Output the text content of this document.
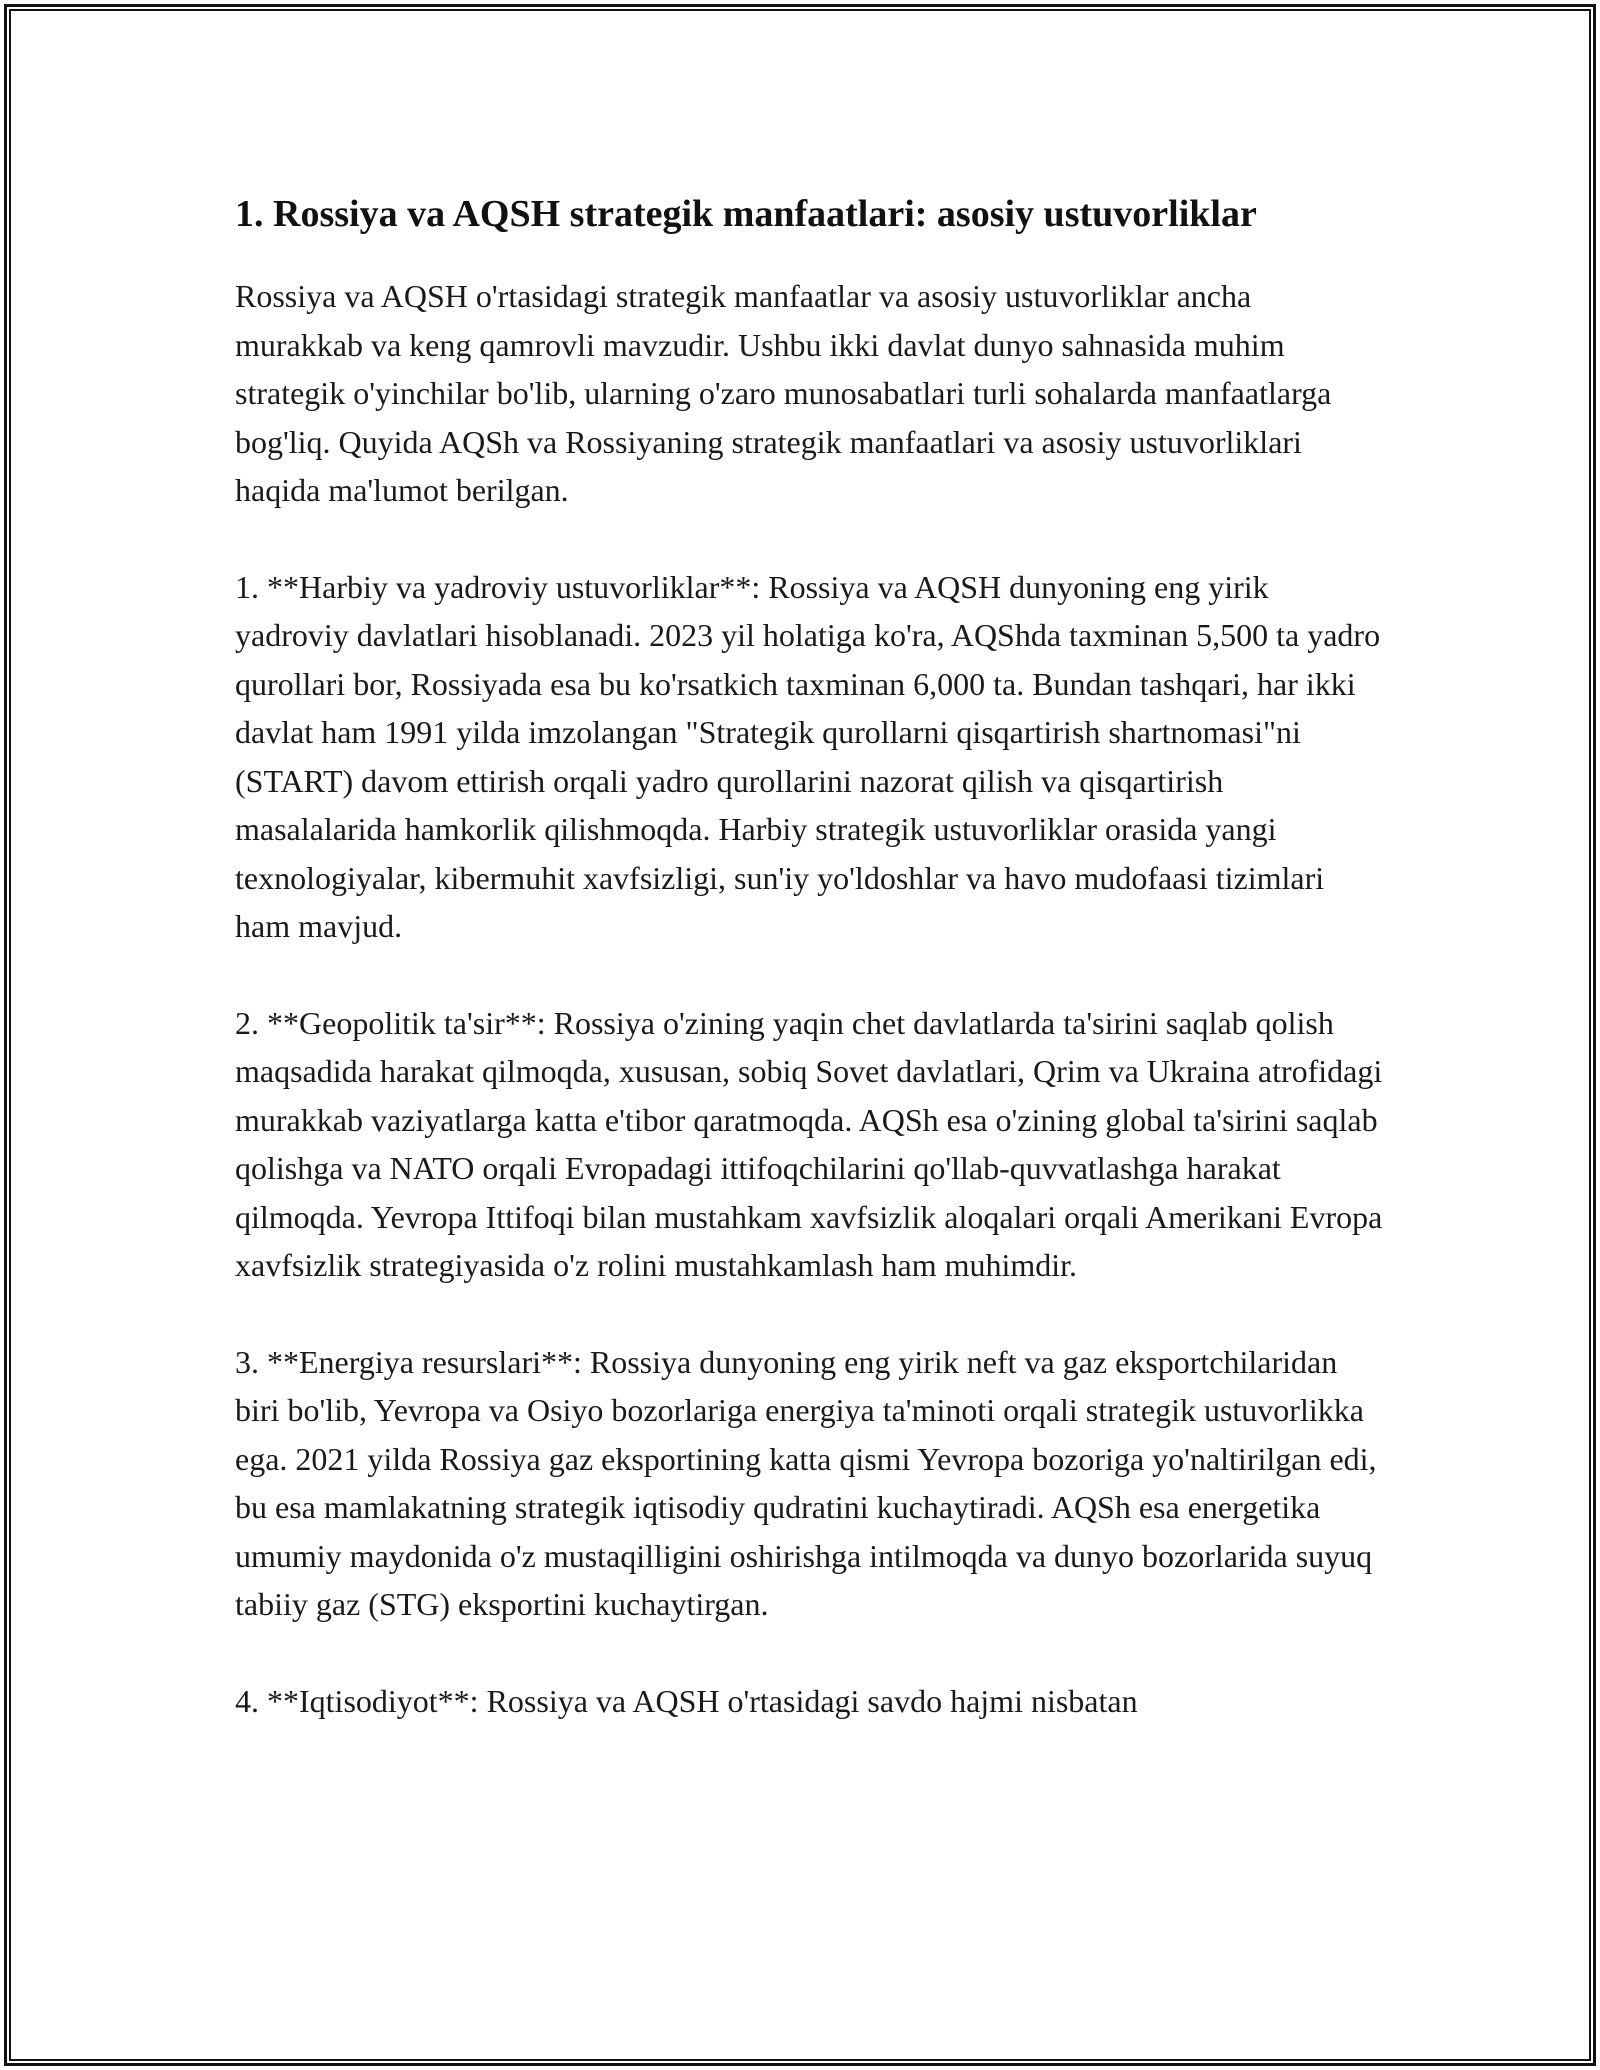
1. Rossiya va AQSH strategik manfaatlari: asosiy ustuvorliklar

Rossiya va AQSH o'rtasidagi strategik manfaatlar va asosiy ustuvorliklar ancha murakkab va keng qamrovli mavzudir. Ushbu ikki davlat dunyo sahnasida muhim strategik o'yinchilar bo'lib, ularning o'zaro munosabatlari turli sohalarda manfaatlarga bog'liq. Quyida AQSh va Rossiyaning strategik manfaatlari va asosiy ustuvorliklari haqida ma'lumot berilgan.

1. **Harbiy va yadroviy ustuvorliklar**: Rossiya va AQSH dunyoning eng yirik yadroviy davlatlari hisoblanadi. 2023 yil holatiga ko'ra, AQShda taxminan 5,500 ta yadro qurollari bor, Rossiyada esa bu ko'rsatkich taxminan 6,000 ta. Bundan tashqari, har ikki davlat ham 1991 yilda imzolangan "Strategik qurollarni qisqartirish shartnomasi"ni (START) davom ettirish orqali yadro qurollarini nazorat qilish va qisqartirish masalalarida hamkorlik qilishmoqda. Harbiy strategik ustuvorliklar orasida yangi texnologiyalar, kibermuhit xavfsizligi, sun'iy yo'ldoshlar va havo mudofaasi tizimlari ham mavjud.

2. **Geopolitik ta'sir**: Rossiya o'zining yaqin chet davlatlarda ta'sirini saqlab qolish maqsadida harakat qilmoqda, xususan, sobiq Sovet davlatlari, Qrim va Ukraina atrofidagi murakkab vaziyatlarga katta e'tibor qaratmoqda. AQSh esa o'zining global ta'sirini saqlab qolishga va NATO orqali Evropadagi ittifoqchilarini qo'llab-quvvatlashga harakat qilmoqda. Yevropa Ittifoqi bilan mustahkam xavfsizlik aloqalari orqali Amerikani Evropa xavfsizlik strategiyasida o'z rolini mustahkamlash ham muhimdir.

3. **Energiya resurslari**: Rossiya dunyoning eng yirik neft va gaz eksportchilaridan biri bo'lib, Yevropa va Osiyo bozorlariga energiya ta'minoti orqali strategik ustuvorlikka ega. 2021 yilda Rossiya gaz eksportining katta qismi Yevropa bozoriga yo'naltirilgan edi, bu esa mamlakatning strategik iqtisodiy qudratini kuchaytiradi. AQSh esa energetika umumiy maydonida o'z mustaqilligini oshirishga intilmoqda va dunyo bozorlarida suyuq tabiiy gaz (STG) eksportini kuchaytirgan.

4. **Iqtisodiyot**: Rossiya va AQSH o'rtasidagi savdo hajmi nisbatan
